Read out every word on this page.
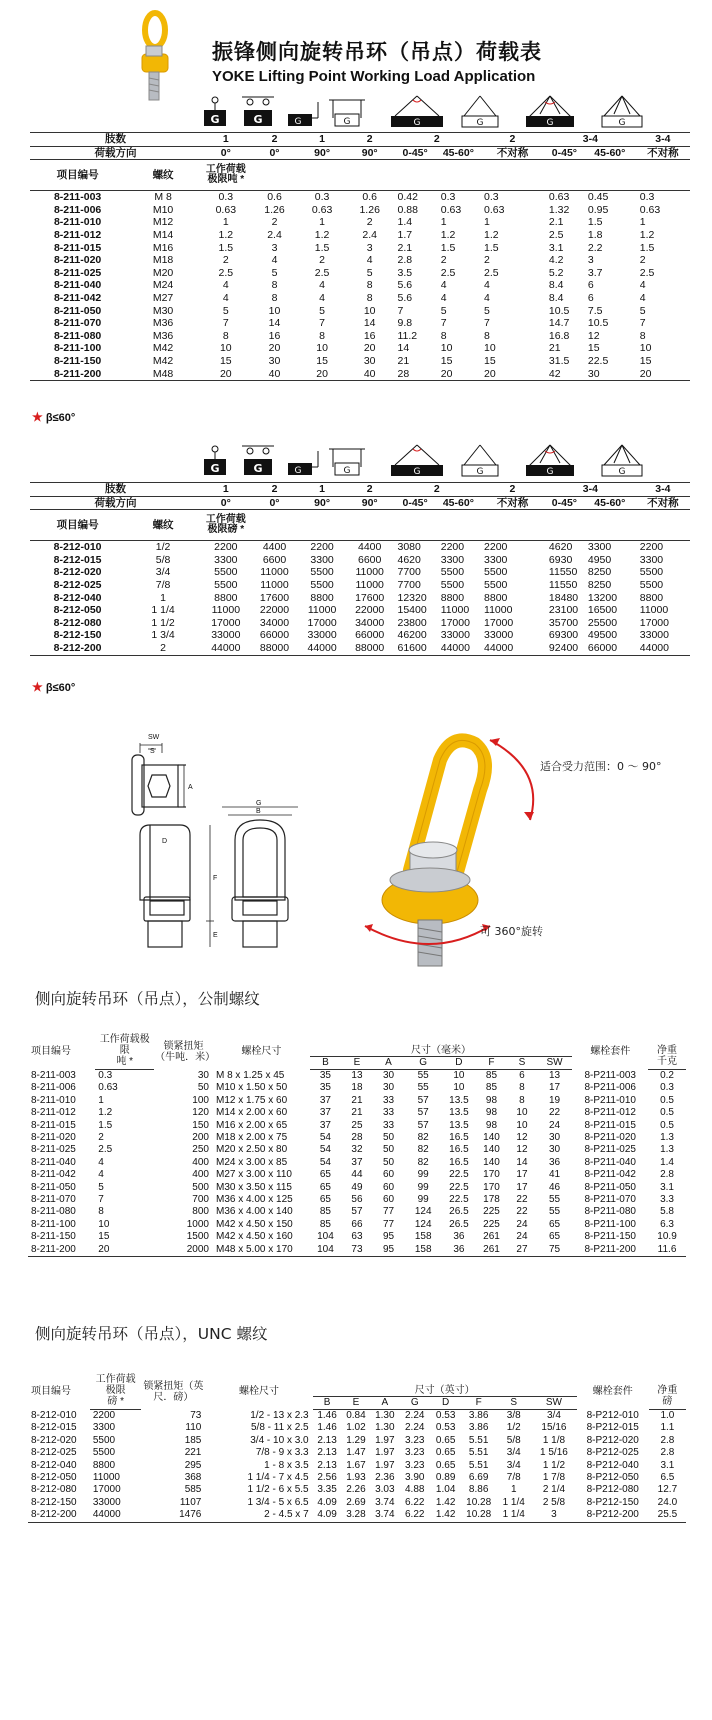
振锋侧向旋转吊环（吊点）荷载表
YOKE Lifting Point Working Load Application
G	G	G	G	G	G	G	G
肢数		1	2	1	2	2		2	3-4		3-4
荷载方向		0°	0°	90°	90°	0-45°	45-60°	不对称	0-45°	45-60°	不对称
项目编号	螺纹	工作荷载极限吨 *									
8-211-003	M 8	0.3	0.6	0.3	0.6	0.42	0.3	0.3	0.63	0.45	0.3
8-211-006	M10	0.63	1.26	0.63	1.26	0.88	0.63	0.63	1.32	0.95	0.63
8-211-010	M12	1	2	1	2	1.4	1	1	2.1	1.5	1
8-211-012	M14	1.2	2.4	1.2	2.4	1.7	1.2	1.2	2.5	1.8	1.2
8-211-015	M16	1.5	3	1.5	3	2.1	1.5	1.5	3.1	2.2	1.5
8-211-020	M18	2	4	2	4	2.8	2	2	4.2	3	2
8-211-025	M20	2.5	5	2.5	5	3.5	2.5	2.5	5.2	3.7	2.5
8-211-040	M24	4	8	4	8	5.6	4	4	8.4	6	4
8-211-042	M27	4	8	4	8	5.6	4	4	8.4	6	4
8-211-050	M30	5	10	5	10	7	5	5	10.5	7.5	5
8-211-070	M36	7	14	7	14	9.8	7	7	14.7	10.5	7
8-211-080	M36	8	16	8	16	11.2	8	8	16.8	12	8
8-211-100	M42	10	20	10	20	14	10	10	21	15	10
8-211-150	M42	15	30	15	30	21	15	15	31.5	22.5	15
8-211-200	M48	20	40	20	40	28	20	20	42	30	20
★ β≤60°
G	G	G	G	G	G	G	G
肢数		1	2	1	2	2		2	3-4		3-4
荷载方向		0°	0°	90°	90°	0-45°	45-60°	不对称	0-45°	45-60°	不对称
项目编号	螺纹	工作荷载极限磅 *									
8-212-010	1/2	2200	4400	2200	4400	3080	2200	2200	4620	3300	2200
8-212-015	5/8	3300	6600	3300	6600	4620	3300	3300	6930	4950	3300
8-212-020	3/4	5500	11000	5500	11000	7700	5500	5500	11550	8250	5500
8-212-025	7/8	5500	11000	5500	11000	7700	5500	5500	11550	8250	5500
8-212-040	1	8800	17600	8800	17600	12320	8800	8800	18480	13200	8800
8-212-050	1 1/4	11000	22000	11000	22000	15400	11000	11000	23100	16500	11000
8-212-080	1 1/2	17000	34000	17000	34000	23800	17000	17000	35700	25500	17000
8-212-150	1 3/4	33000	66000	33000	66000	46200	33000	33000	69300	49500	33000
8-212-200	2	44000	88000	44000	88000	61600	44000	44000	92400	66000	44000
★ β≤60°
SW
S
A
G
B
D
F
E
适合受力范围：0 ～ 90°
可 360°旋转
侧向旋转吊环（吊点），公制螺纹
项目编号	工作荷载极限	锁紧扭矩（牛吨．米）	螺栓尺寸	尺寸（毫米）								螺栓套件	净重
	吨 *			B	E	A	G	D	F	S	SW		千克
8-211-003	0.3	30	M 8 x 1.25 x 45	35	13	30	55	10	85	6	13	8-P211-003	0.2
8-211-006	0.63	50	M10 x 1.50 x 50	35	18	30	55	10	85	8	17	8-P211-006	0.3
8-211-010	1	100	M12 x 1.75 x 60	37	21	33	57	13.5	98	8	19	8-P211-010	0.5
8-211-012	1.2	120	M14 x 2.00 x 60	37	21	33	57	13.5	98	10	22	8-P211-012	0.5
8-211-015	1.5	150	M16 x 2.00 x 65	37	25	33	57	13.5	98	10	24	8-P211-015	0.5
8-211-020	2	200	M18 x 2.00 x 75	54	28	50	82	16.5	140	12	30	8-P211-020	1.3
8-211-025	2.5	250	M20 x 2.50 x 80	54	32	50	82	16.5	140	12	30	8-P211-025	1.3
8-211-040	4	400	M24 x 3.00 x 85	54	37	50	82	16.5	140	14	36	8-P211-040	1.4
8-211-042	4	400	M27 x 3.00 x 110	65	44	60	99	22.5	170	17	41	8-P211-042	2.8
8-211-050	5	500	M30 x 3.50 x 115	65	49	60	99	22.5	170	17	46	8-P211-050	3.1
8-211-070	7	700	M36 x 4.00 x 125	65	56	60	99	22.5	178	22	55	8-P211-070	3.3
8-211-080	8	800	M36 x 4.00 x 140	85	57	77	124	26.5	225	22	55	8-P211-080	5.8
8-211-100	10	1000	M42 x 4.50 x 150	85	66	77	124	26.5	225	24	65	8-P211-100	6.3
8-211-150	15	1500	M42 x 4.50 x 160	104	63	95	158	36	261	24	65	8-P211-150	10.9
8-211-200	20	2000	M48 x 5.00 x 170	104	73	95	158	36	261	27	75	8-P211-200	11.6
侧向旋转吊环（吊点），UNC 螺纹
项目编号	工作荷载极限	锁紧扭矩（英尺．磅）	螺栓尺寸	尺寸（英寸）								螺栓套件	净重
	磅 *			B	E	A	G	D	F	S	SW		磅
8-212-010	2200	73	1/2 - 13 x 2.3	1.46	0.84	1.30	2.24	0.53	3.86	3/8	3/4	8-P212-010	1.0
8-212-015	3300	110	5/8 - 11 x 2.5	1.46	1.02	1.30	2.24	0.53	3.86	1/2	15/16	8-P212-015	1.1
8-212-020	5500	185	3/4 - 10 x 3.0	2.13	1.29	1.97	3.23	0.65	5.51	5/8	1 1/8	8-P212-020	2.8
8-212-025	5500	221	7/8 - 9 x 3.3	2.13	1.47	1.97	3.23	0.65	5.51	3/4	1 5/16	8-P212-025	2.8
8-212-040	8800	295	1 - 8 x 3.5	2.13	1.67	1.97	3.23	0.65	5.51	3/4	1 1/2	8-P212-040	3.1
8-212-050	11000	368	1 1/4 - 7 x 4.5	2.56	1.93	2.36	3.90	0.89	6.69	7/8	1 7/8	8-P212-050	6.5
8-212-080	17000	585	1 1/2 - 6 x 5.5	3.35	2.26	3.03	4.88	1.04	8.86	1	2 1/4	8-P212-080	12.7
8-212-150	33000	1107	1 3/4 - 5 x 6.5	4.09	2.69	3.74	6.22	1.42	10.28	1 1/4	2 5/8	8-P212-150	24.0
8-212-200	44000	1476	2 - 4.5 x 7	4.09	3.28	3.74	6.22	1.42	10.28	1 1/4	3	8-P212-200	25.5
